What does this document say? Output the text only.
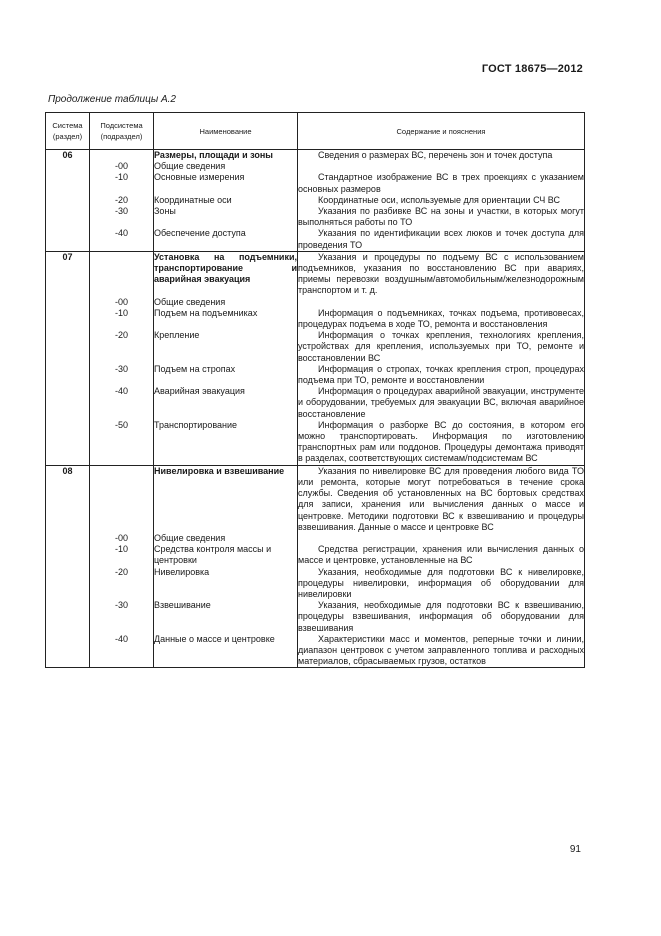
ГОСТ 18675—2012
Продолжение таблицы А.2
Система (раздел)	Подсистема (подраздел)	Наименование	Содержание и пояснения
06		Размеры, площади и зоны	Сведения о размерах ВС, перечень зон и точек доступа
	-00	Общие сведения	
	-10	Основные измерения	Стандартное изображение ВС в трех проекциях с указанием основных размеров
	-20	Координатные оси	Координатные оси, используемые для ориентации СЧ ВС
	-30	Зоны	Указания по разбивке ВС на зоны и участки, в которых могут выполняться работы по ТО
	-40	Обеспечение доступа	Указания по идентификации всех люков и точек доступа для проведения ТО
07		Установка на подъемники, транспортирование и аварийная эвакуация	Указания и процедуры по подъему ВС с использованием подъемников, указания по восстановлению ВС при авариях, приемы перевозки воздушным/автомобильным/железнодорожным транспортом и т. д.
	-00	Общие сведения	
	-10	Подъем на подъемниках	Информация о подъемниках, точках подъема, противовесах, процедурах подъема в ходе ТО, ремонта и восстановления
	-20	Крепление	Информация о точках крепления, технологиях крепления, устройствах для крепления, используемых при ТО, ремонте и восстановлении ВС
	-30	Подъем на стропах	Информация о стропах, точках крепления строп, процедурах подъема при ТО, ремонте и восстановлении
	-40	Аварийная эвакуация	Информация о процедурах аварийной эвакуации, инструменте и оборудовании, требуемых для эвакуации ВС, включая аварийное восстановление
	-50	Транспортирование	Информация о разборке ВС до состояния, в котором его можно транспортировать. Информация по изготовлению транспортных рам или поддонов. Процедуры демонтажа приводят в разделах, соответствующих системам/подсистемам ВС
08		Нивелировка и взвешивание	Указания по нивелировке ВС для проведения любого вида ТО или ремонта, которые могут потребоваться в течение срока службы. Сведения об установленных на ВС бортовых средствах для записи, хранения или вычисления данных о массе и центровке. Методики подготовки ВС к взвешиванию и процедуры взвешивания. Данные о массе и центровке ВС
	-00	Общие сведения	
	-10	Средства контроля массы и центровки	Средства регистрации, хранения или вычисления данных о массе и центровке, установленные на ВС
	-20	Нивелировка	Указания, необходимые для подготовки ВС к нивелировке, процедуры нивелировки, информация об оборудовании для нивелировки
	-30	Взвешивание	Указания, необходимые для подготовки ВС к взвешиванию, процедуры взвешивания, информация об оборудовании для взвешивания
	-40	Данные о массе и центровке	Характеристики масс и моментов, реперные точки и линии, диапазон центровок с учетом заправленного топлива и расходных материалов, сбрасываемых грузов, остатков
91
